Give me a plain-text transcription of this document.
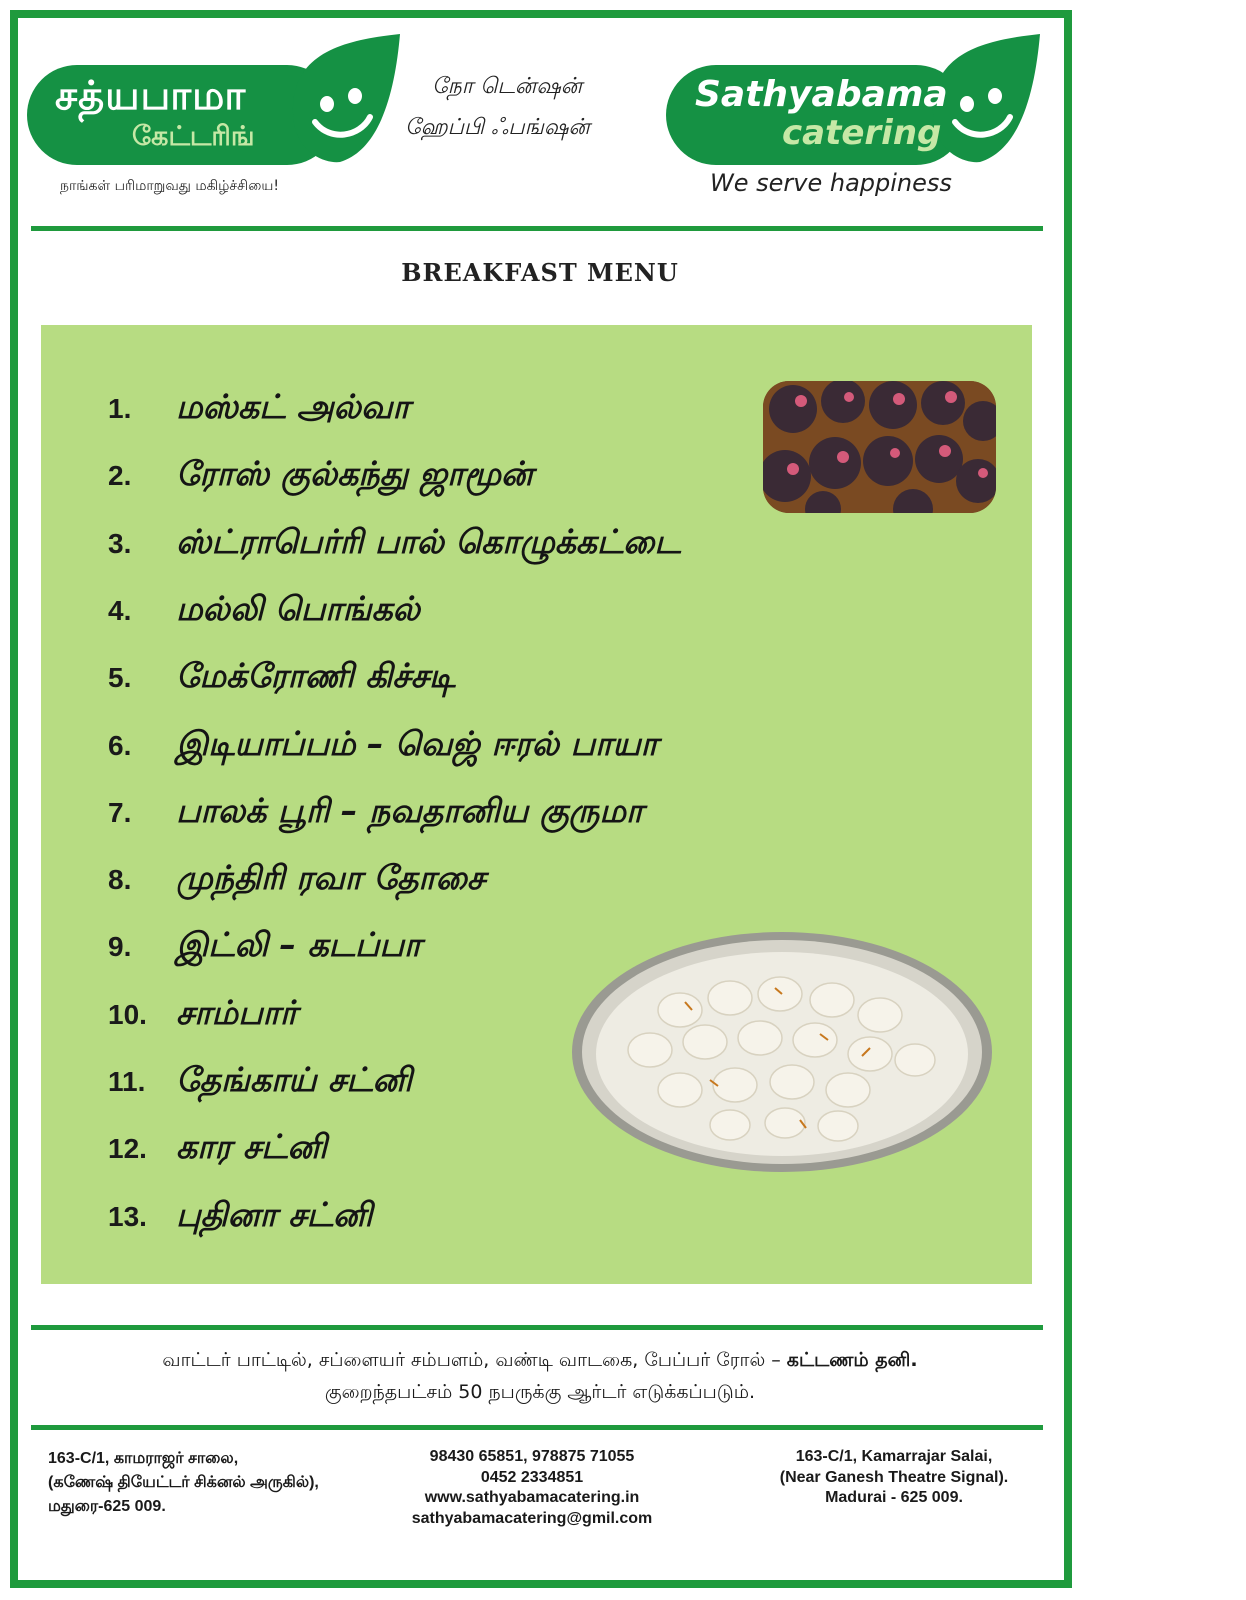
சத்யபாமா
கேட்டரிங்
நாங்கள் பரிமாறுவது மகிழ்ச்சியை!
நோ டென்ஷன்
ஹேப்பி ஃபங்ஷன்
Sathyabama
catering
We serve happiness
BREAKFAST MENU
1.	மஸ்கட் அல்வா
2.	ரோஸ் குல்கந்து ஜாமூன்
3.	ஸ்ட்ராபெர்ரி பால் கொழுக்கட்டை
4.	மல்லி பொங்கல்
5.	மேக்ரோணி கிச்சடி
6.	இடியாப்பம் – வெஜ் ஈரல் பாயா
7.	பாலக் பூரி – நவதானிய குருமா
8.	முந்திரி ரவா தோசை
9.	இட்லி – கடப்பா
10. சாம்பார்
11. தேங்காய் சட்னி
12. கார சட்னி
13. புதினா சட்னி
வாட்டர் பாட்டில், சப்ளையர் சம்பளம், வண்டி வாடகை, பேப்பர் ரோல் – கட்டணம் தனி.
குறைந்தபட்சம் 50 நபருக்கு ஆர்டர் எடுக்கப்படும்.
163-C/1, காமராஜர் சாலை,
(கணேஷ் தியேட்டர் சிக்னல் அருகில்),
மதுரை-625 009.
98430 65851, 978875 71055
0452 2334851
www.sathyabamacatering.in
sathyabamacatering@gmil.com
163-C/1, Kamarrajar Salai,
(Near Ganesh Theatre Signal).
Madurai - 625 009.
